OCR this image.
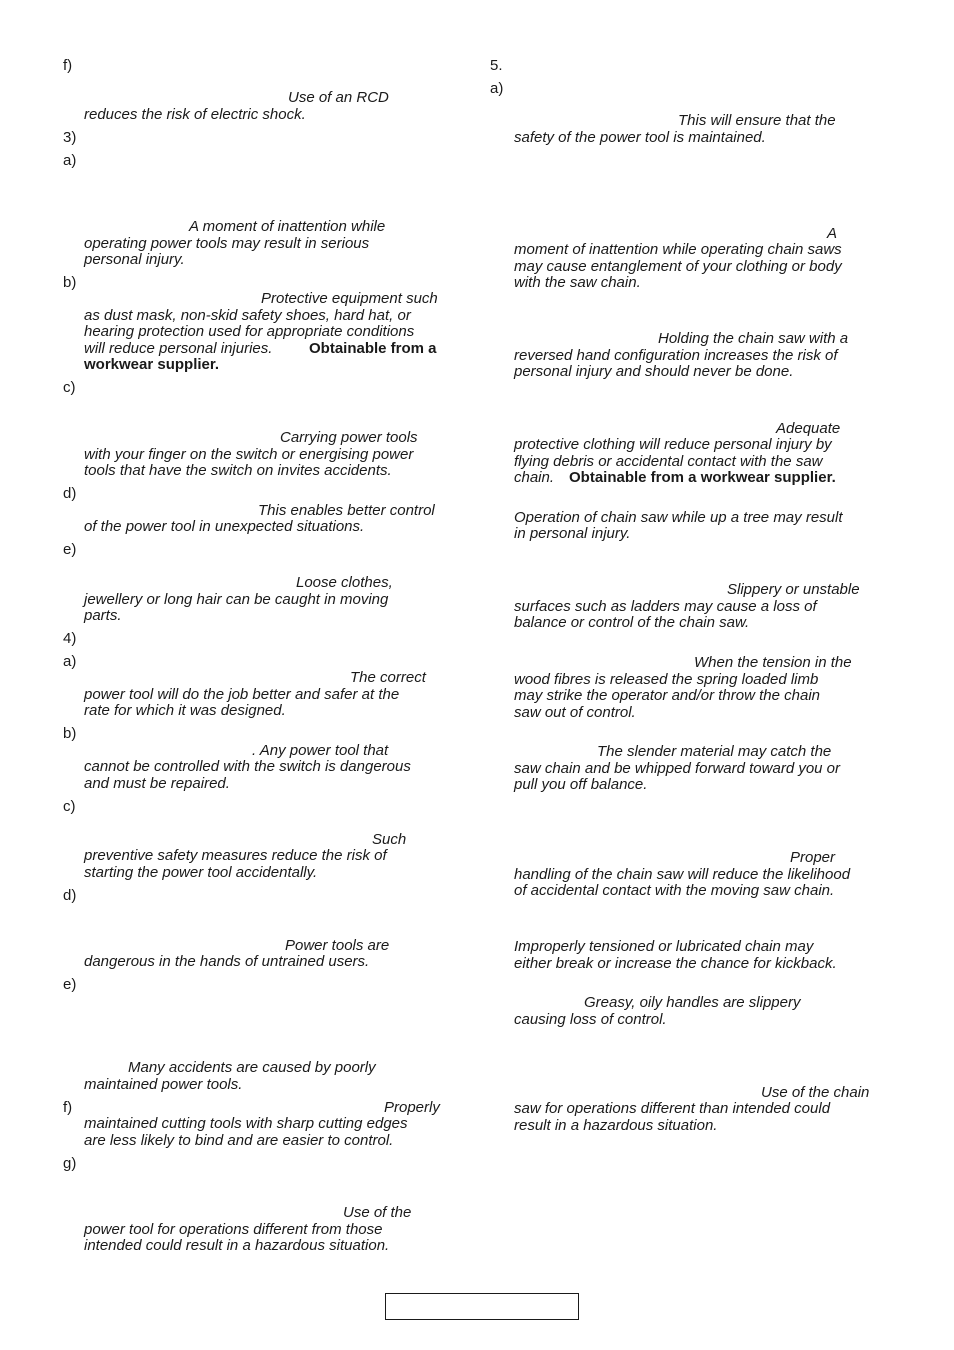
f)
Use of an RCD
reduces the risk of electric shock.
3)
a)
A moment of inattention while
operating power tools may result in serious
personal injury.
b)
Protective equipment such
as dust mask, non-skid safety shoes, hard hat, or
hearing protection used for appropriate conditions
will reduce personal injuries. Obtainable from a
workwear supplier.
c)
Carrying power tools
with your finger on the switch or energising power
tools that have the switch on invites accidents.
d)
This enables better control
of the power tool in unexpected situations.
e)
Loose clothes,
jewellery or long hair can be caught in moving
parts.
4)
a)
The correct
power tool will do the job better and safer at the
rate for which it was designed.
b)
. Any power tool that
cannot be controlled with the switch is dangerous
and must be repaired.
c)
Such
preventive safety measures reduce the risk of
starting the power tool accidentally.
d)
Power tools are
dangerous in the hands of untrained users.
e)
Many accidents are caused by poorly
maintained power tools.
f)	Properly
maintained cutting tools with sharp cutting edges
are less likely to bind and are easier to control.
g)
Use of the
power tool for operations different from those
intended could result in a hazardous situation.
5.
a)
This will ensure that the
safety of the power tool is maintained.
A
moment of inattention while operating chain saws
may cause entanglement of your clothing or body
with the saw chain.
Holding the chain saw with a
reversed hand configuration increases the risk of
personal injury and should never be done.
Adequate
protective clothing will reduce personal injury by
flying debris or accidental contact with the saw
chain. Obtainable from a workwear supplier.
Operation of chain saw while up a tree may result
in personal injury.
Slippery or unstable
surfaces such as ladders may cause a loss of
balance or control of the chain saw.
When the tension in the
wood fibres is released the spring loaded limb
may strike the operator and/or throw the chain
saw out of control.
The slender material may catch the
saw chain and be whipped forward toward you or
pull you off balance.
Proper
handling of the chain saw will reduce the likelihood
of accidental contact with the moving saw chain.
Improperly tensioned or lubricated chain may
either break or increase the chance for kickback.
Greasy, oily handles are slippery
causing loss of control.
Use of the chain
saw for operations different than intended could
result in a hazardous situation.
